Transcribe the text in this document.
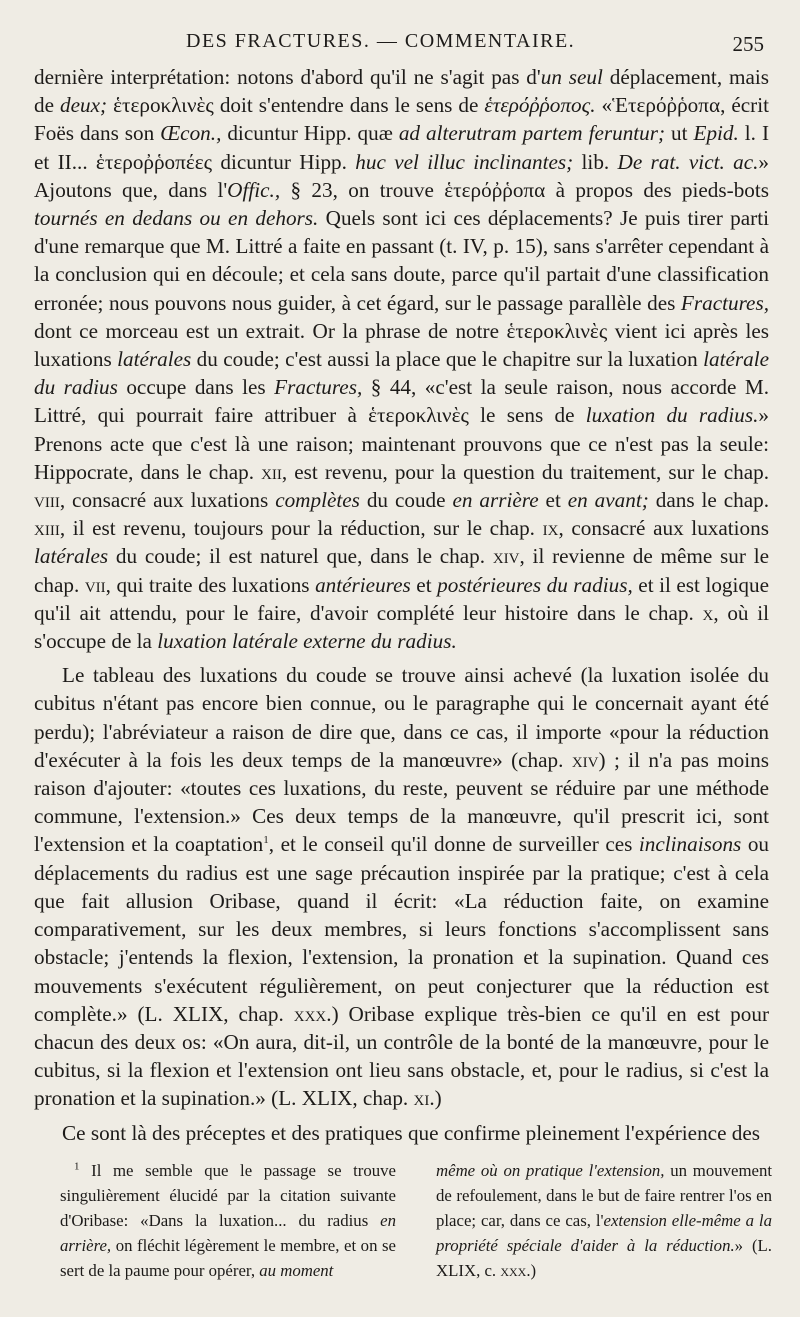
DES FRACTURES. — COMMENTAIRE.	255

dernière interprétation: notons d'abord qu'il ne s'agit pas d'un seul déplacement, mais de deux; ἑτεροκλινὲς doit s'entendre dans le sens de ἑτερόῤῥοπος. «Ἑτερόῤῥοπα, écrit Foës dans son Œcon., dicuntur Hipp. quæ ad alterutram partem feruntur; ut Epid. l. I et II... ἑτεροῤῥοπέες dicuntur Hipp. huc vel illuc inclinantes; lib. De rat. vict. ac.» Ajoutons que, dans l'Offic., § 23, on trouve ἑτερόῤῥοπα à propos des pieds-bots tournés en dedans ou en dehors. Quels sont ici ces déplacements? Je puis tirer parti d'une remarque que M. Littré a faite en passant (t. IV, p. 15), sans s'arrêter cependant à la conclusion qui en découle; et cela sans doute, parce qu'il partait d'une classification erronée; nous pouvons nous guider, à cet égard, sur le passage parallèle des Fractures, dont ce morceau est un extrait. Or la phrase de notre ἑτεροκλινὲς vient ici après les luxations latérales du coude; c'est aussi la place que le chapitre sur la luxation latérale du radius occupe dans les Fractures, § 44, «c'est la seule raison, nous accorde M. Littré, qui pourrait faire attribuer à ἑτεροκλινὲς le sens de luxation du radius.» Prenons acte que c'est là une raison; maintenant prouvons que ce n'est pas la seule: Hippocrate, dans le chap. xii, est revenu, pour la question du traitement, sur le chap. viii, consacré aux luxations complètes du coude en arrière et en avant; dans le chap. xiii, il est revenu, toujours pour la réduction, sur le chap. ix, consacré aux luxations latérales du coude; il est naturel que, dans le chap. xiv, il revienne de même sur le chap. vii, qui traite des luxations antérieures et postérieures du radius, et il est logique qu'il ait attendu, pour le faire, d'avoir complété leur histoire dans le chap. x, où il s'occupe de la luxation latérale externe du radius.

Le tableau des luxations du coude se trouve ainsi achevé (la luxation isolée du cubitus n'étant pas encore bien connue, ou le paragraphe qui le concernait ayant été perdu); l'abréviateur a raison de dire que, dans ce cas, il importe «pour la réduction d'exécuter à la fois les deux temps de la manœuvre» (chap. xiv) ; il n'a pas moins raison d'ajouter: «toutes ces luxations, du reste, peuvent se réduire par une méthode commune, l'extension.» Ces deux temps de la manœuvre, qu'il prescrit ici, sont l'extension et la coaptation$^1$, et le conseil qu'il donne de surveiller ces inclinaisons ou déplacements du radius est une sage précaution inspirée par la pratique; c'est à cela que fait allusion Oribase, quand il écrit: «La réduction faite, on examine comparativement, sur les deux membres, si leurs fonctions s'accomplissent sans obstacle; j'entends la flexion, l'extension, la pronation et la supination. Quand ces mouvements s'exécutent régulièrement, on peut conjecturer que la réduction est complète.» (L. XLIX, chap. xxx.) Oribase explique très-bien ce qu'il en est pour chacun des deux os: «On aura, dit-il, un contrôle de la bonté de la manœuvre, pour le cubitus, si la flexion et l'extension ont lieu sans obstacle, et, pour le radius, si c'est la pronation et la supination.» (L. XLIX, chap. xi.)

Ce sont là des préceptes et des pratiques que confirme pleinement l'expérience des

$^1$ Il me semble que le passage se trouve singulièrement élucidé par la citation suivante d'Oribase: «Dans la luxation... du radius en arrière, on fléchit légèrement le membre, et on se sert de la paume pour opérer, au moment

même où on pratique l'extension, un mouvement de refoulement, dans le but de faire rentrer l'os en place; car, dans ce cas, l'extension elle-même a la propriété spéciale d'aider à la réduction.» (L. XLIX, c. xxx.)
